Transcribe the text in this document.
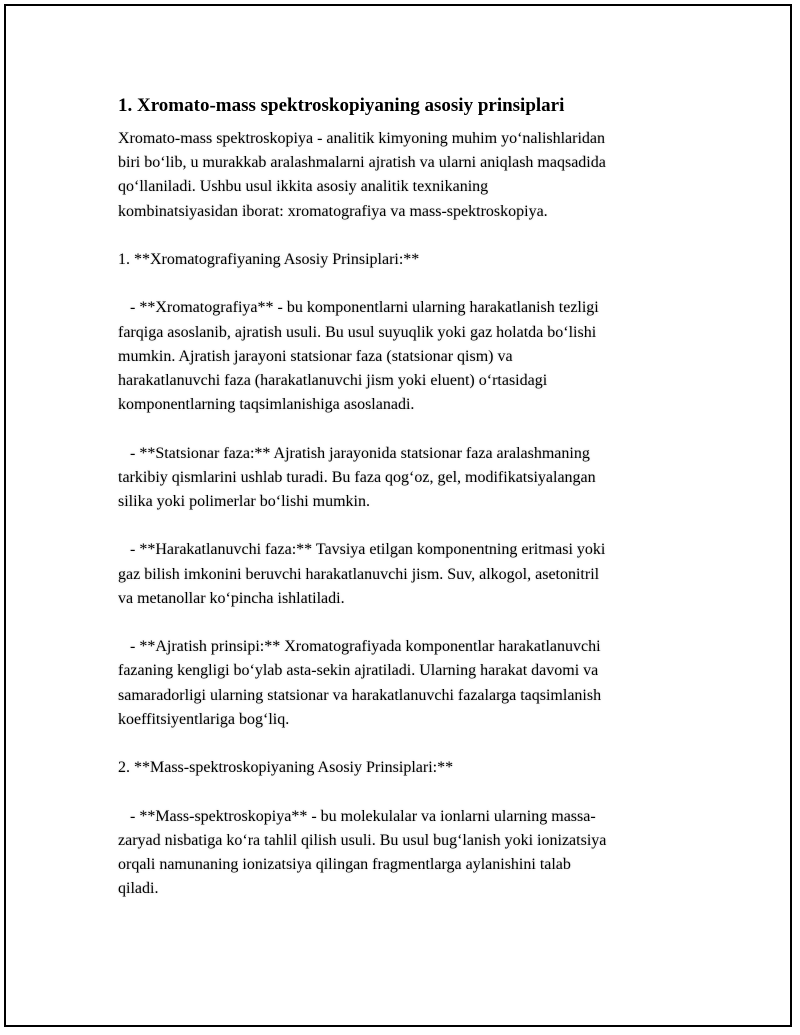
1. Xromato-mass spektroskopiyaning asosiy prinsiplari
Xromato-mass spektroskopiya - analitik kimyoning muhim yoʻnalishlaridan
biri boʻlib, u murakkab aralashmalarni ajratish va ularni aniqlash maqsadida
qoʻllaniladi. Ushbu usul ikkita asosiy analitik texnikaning
kombinatsiyasidan iborat: xromatografiya va mass-spektroskopiya.
1. **Xromatografiyaning Asosiy Prinsiplari:**
- **Xromatografiya** - bu komponentlarni ularning harakatlanish tezligi
farqiga asoslanib, ajratish usuli. Bu usul suyuqlik yoki gaz holatda boʻlishi
mumkin. Ajratish jarayoni statsionar faza (statsionar qism) va
harakatlanuvchi faza (harakatlanuvchi jism yoki eluent) oʻrtasidagi
komponentlarning taqsimlanishiga asoslanadi.
- **Statsionar faza:** Ajratish jarayonida statsionar faza aralashmaning
tarkibiy qismlarini ushlab turadi. Bu faza qogʻoz, gel, modifikatsiyalangan
silika yoki polimerlar boʻlishi mumkin.
- **Harakatlanuvchi faza:** Tavsiya etilgan komponentning eritmasi yoki
gaz bilish imkonini beruvchi harakatlanuvchi jism. Suv, alkogol, asetonitril
va metanollar koʻpincha ishlatiladi.
- **Ajratish prinsipi:** Xromatografiyada komponentlar harakatlanuvchi
fazaning kengligi boʻylab asta-sekin ajratiladi. Ularning harakat davomi va
samaradorligi ularning statsionar va harakatlanuvchi fazalarga taqsimlanish
koeffitsiyentlariga bogʻliq.
2. **Mass-spektroskopiyaning Asosiy Prinsiplari:**
- **Mass-spektroskopiya** - bu molekulalar va ionlarni ularning massa-
zaryad nisbatiga koʻra tahlil qilish usuli. Bu usul bugʻlanish yoki ionizatsiya
orqali namunaning ionizatsiya qilingan fragmentlarga aylanishini talab
qiladi.
